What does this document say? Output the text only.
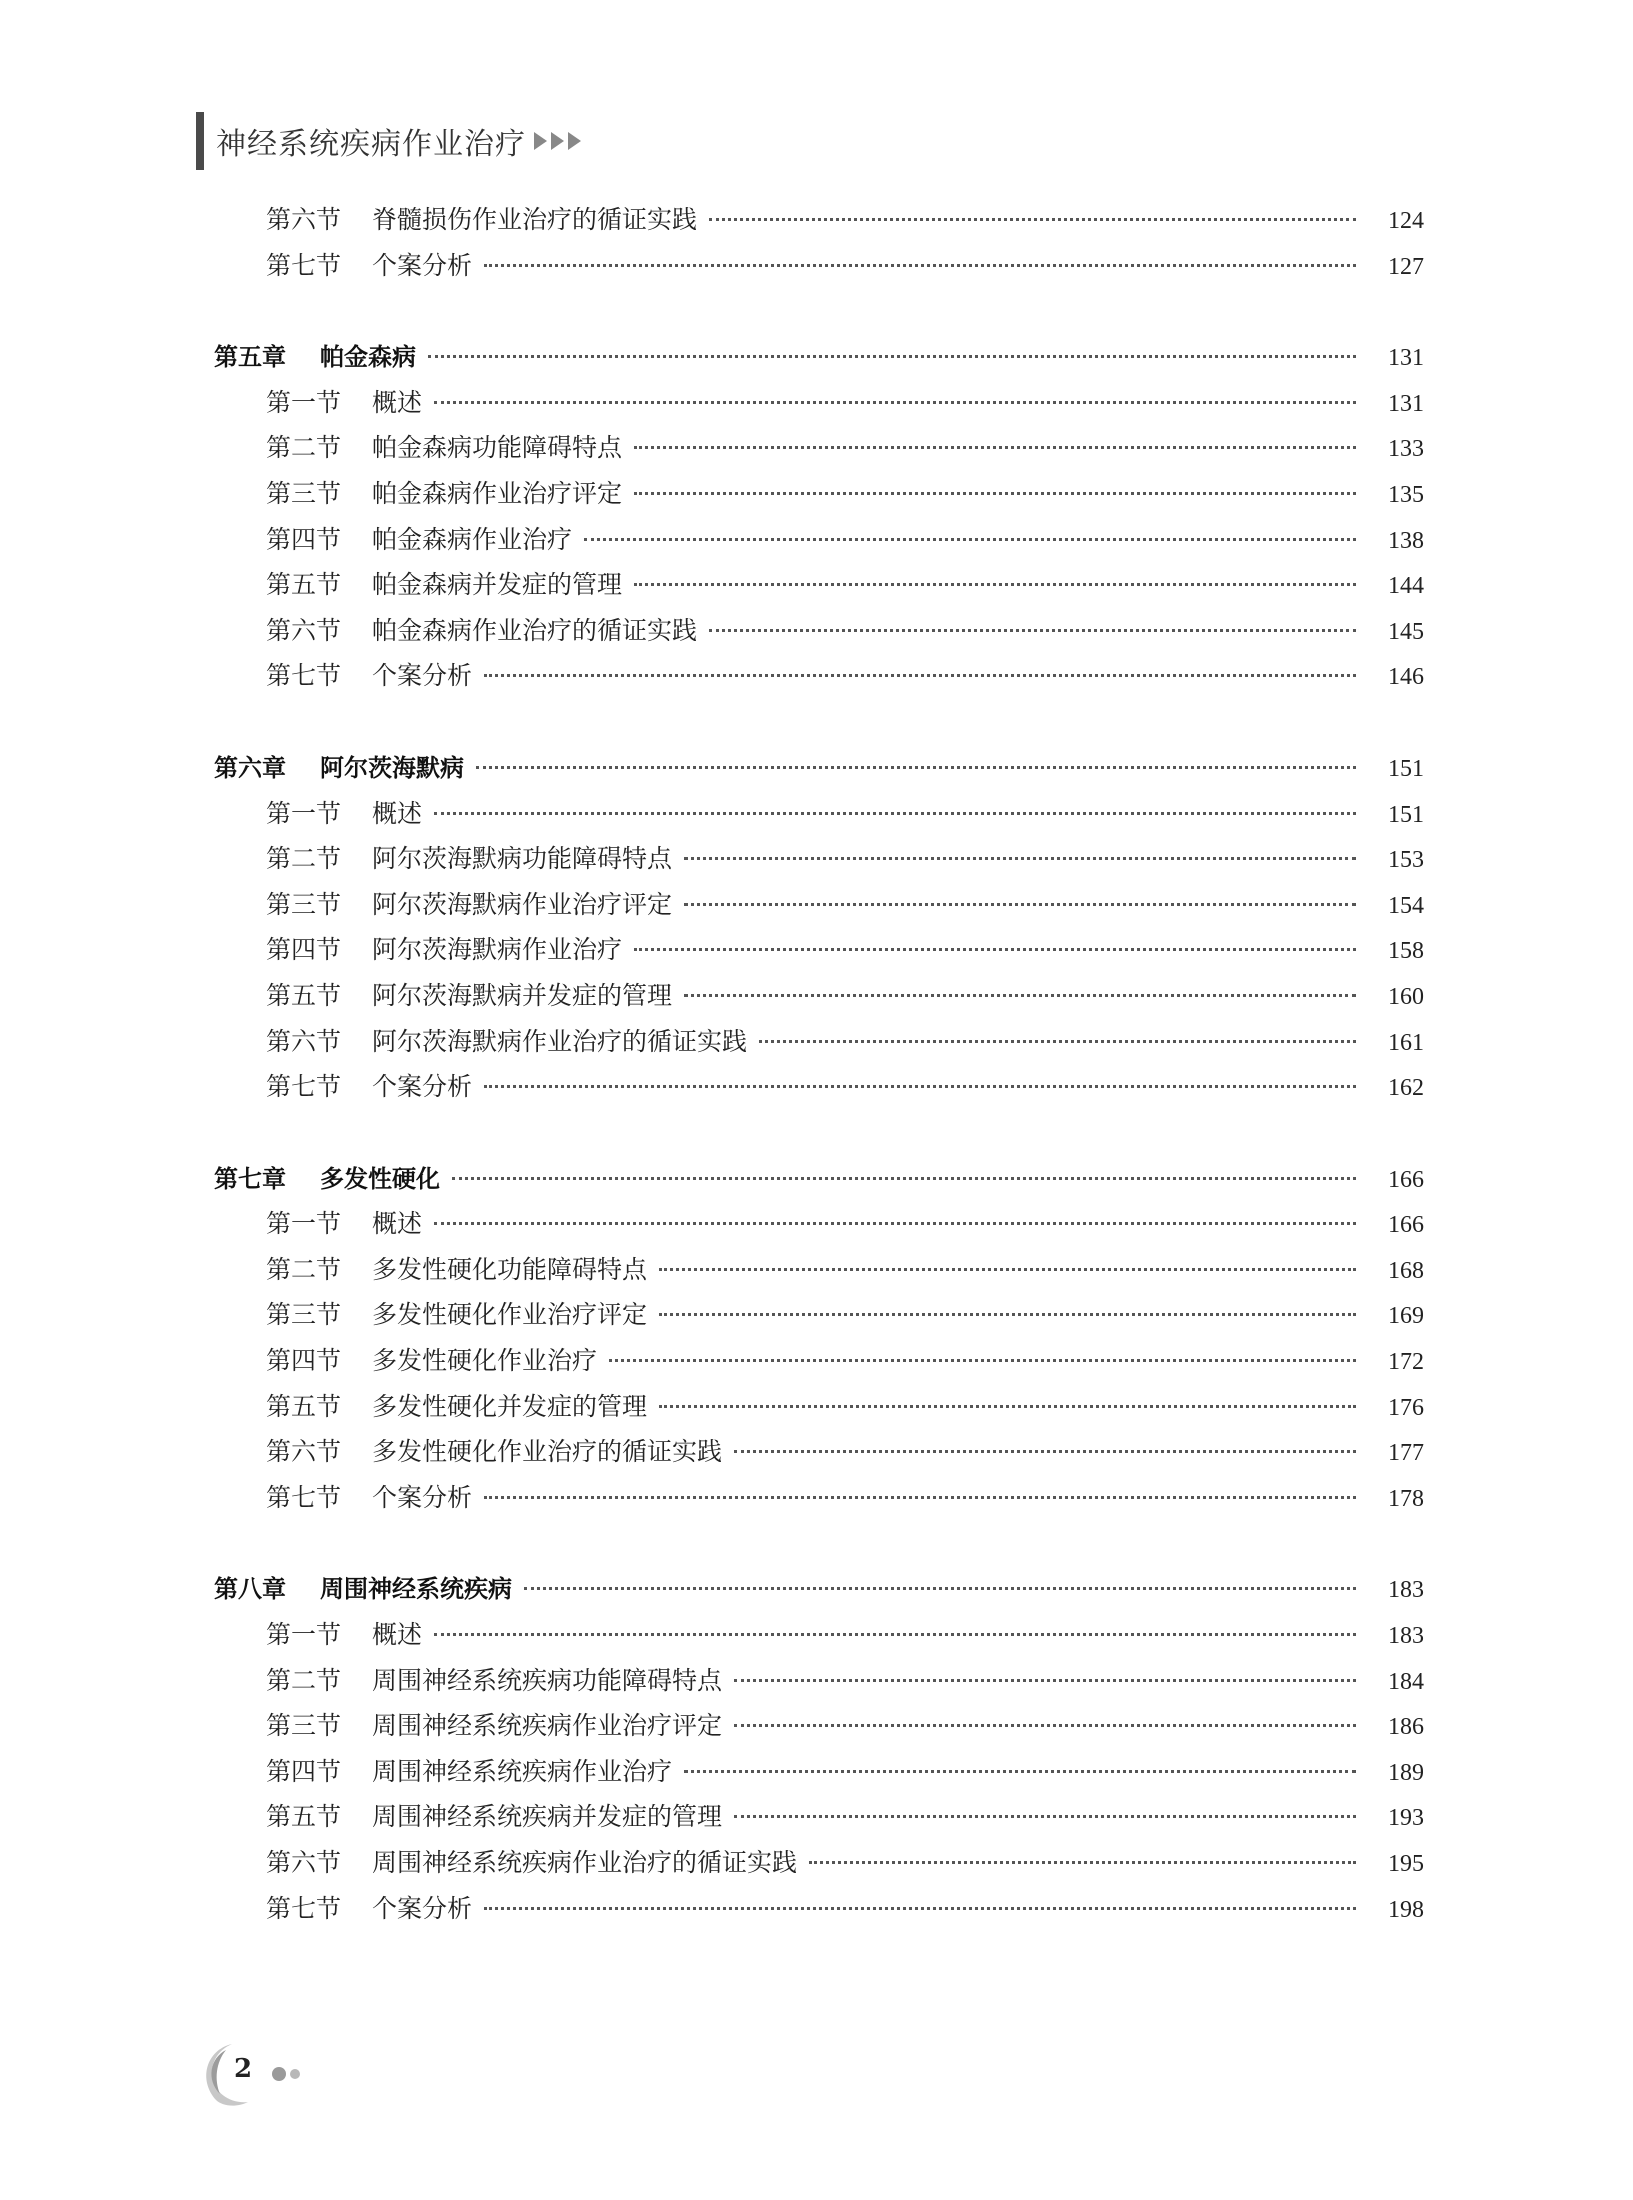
神经系统疾病作业治疗
第六节	脊髓损伤作业治疗的循证实践	124
第七节	个案分析	127
第五章	帕金森病	131
第一节	概述	131
第二节	帕金森病功能障碍特点	133
第三节	帕金森病作业治疗评定	135
第四节	帕金森病作业治疗	138
第五节	帕金森病并发症的管理	144
第六节	帕金森病作业治疗的循证实践	145
第七节	个案分析	146
第六章	阿尔茨海默病	151
第一节	概述	151
第二节	阿尔茨海默病功能障碍特点	153
第三节	阿尔茨海默病作业治疗评定	154
第四节	阿尔茨海默病作业治疗	158
第五节	阿尔茨海默病并发症的管理	160
第六节	阿尔茨海默病作业治疗的循证实践	161
第七节	个案分析	162
第七章	多发性硬化	166
第一节	概述	166
第二节	多发性硬化功能障碍特点	168
第三节	多发性硬化作业治疗评定	169
第四节	多发性硬化作业治疗	172
第五节	多发性硬化并发症的管理	176
第六节	多发性硬化作业治疗的循证实践	177
第七节	个案分析	178
第八章	周围神经系统疾病	183
第一节	概述	183
第二节	周围神经系统疾病功能障碍特点	184
第三节	周围神经系统疾病作业治疗评定	186
第四节	周围神经系统疾病作业治疗	189
第五节	周围神经系统疾病并发症的管理	193
第六节	周围神经系统疾病作业治疗的循证实践	195
第七节	个案分析	198
2
